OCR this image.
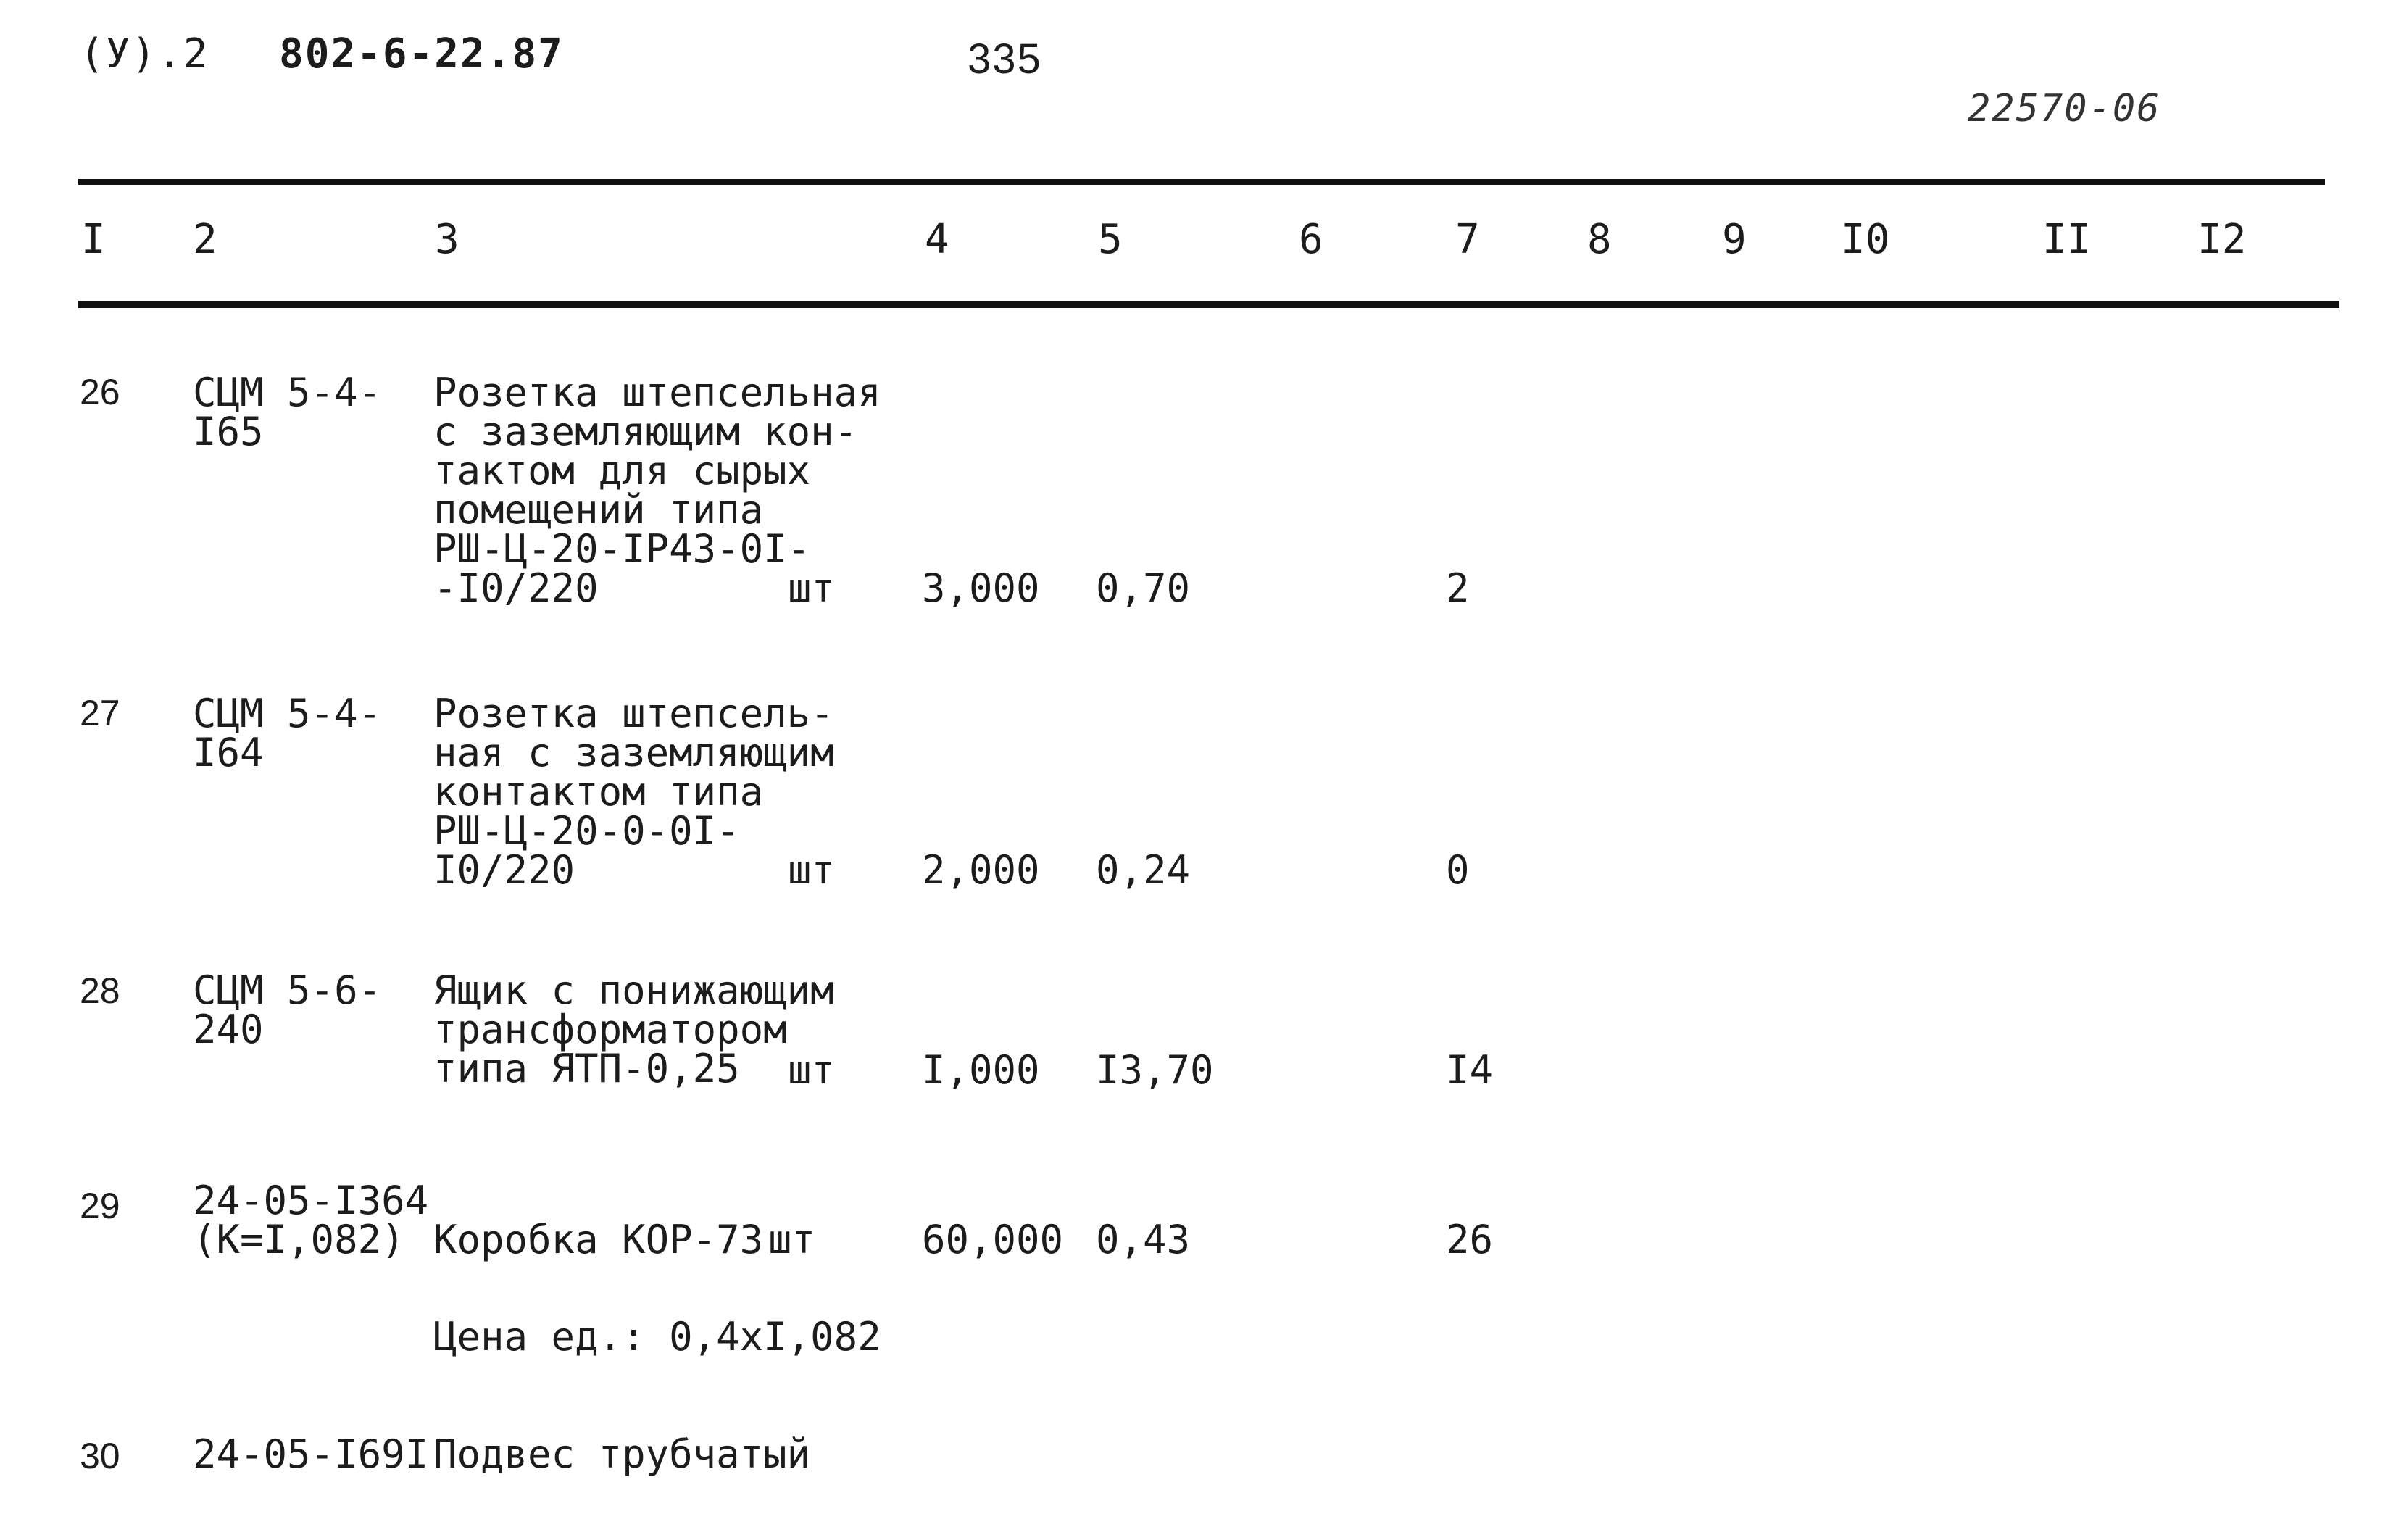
(У).2 802-6-22.87	335
22570-06
I 2	3	4	5	6	7	8	9 I0	II	I2
26 СЦМ 5-4-
I65
Розетка штепсельная
с заземляющим кон-
тактом для сырых
помещений типа
РШ-Ц-20-IР43-0I-
-I0/220	шт 3,000 0,70	2
27 СЦМ 5-4-
I64
Розетка штепсель-
ная с заземляющим
контактом типа
РШ-Ц-20-0-0I-
I0/220	шт 2,000 0,24	0
28 СЦМ 5-6-
240
Ящик с понижающим
трансформатором
типа ЯТП-0,25	шт I,000 I3,70	I4
29 24-05-I364
(К=I,082) Коробка КОР-73 шт	60,000 0,43	26
Цена ед.: 0,4хI,082
30 24-05-I69I Подвес трубчатый
